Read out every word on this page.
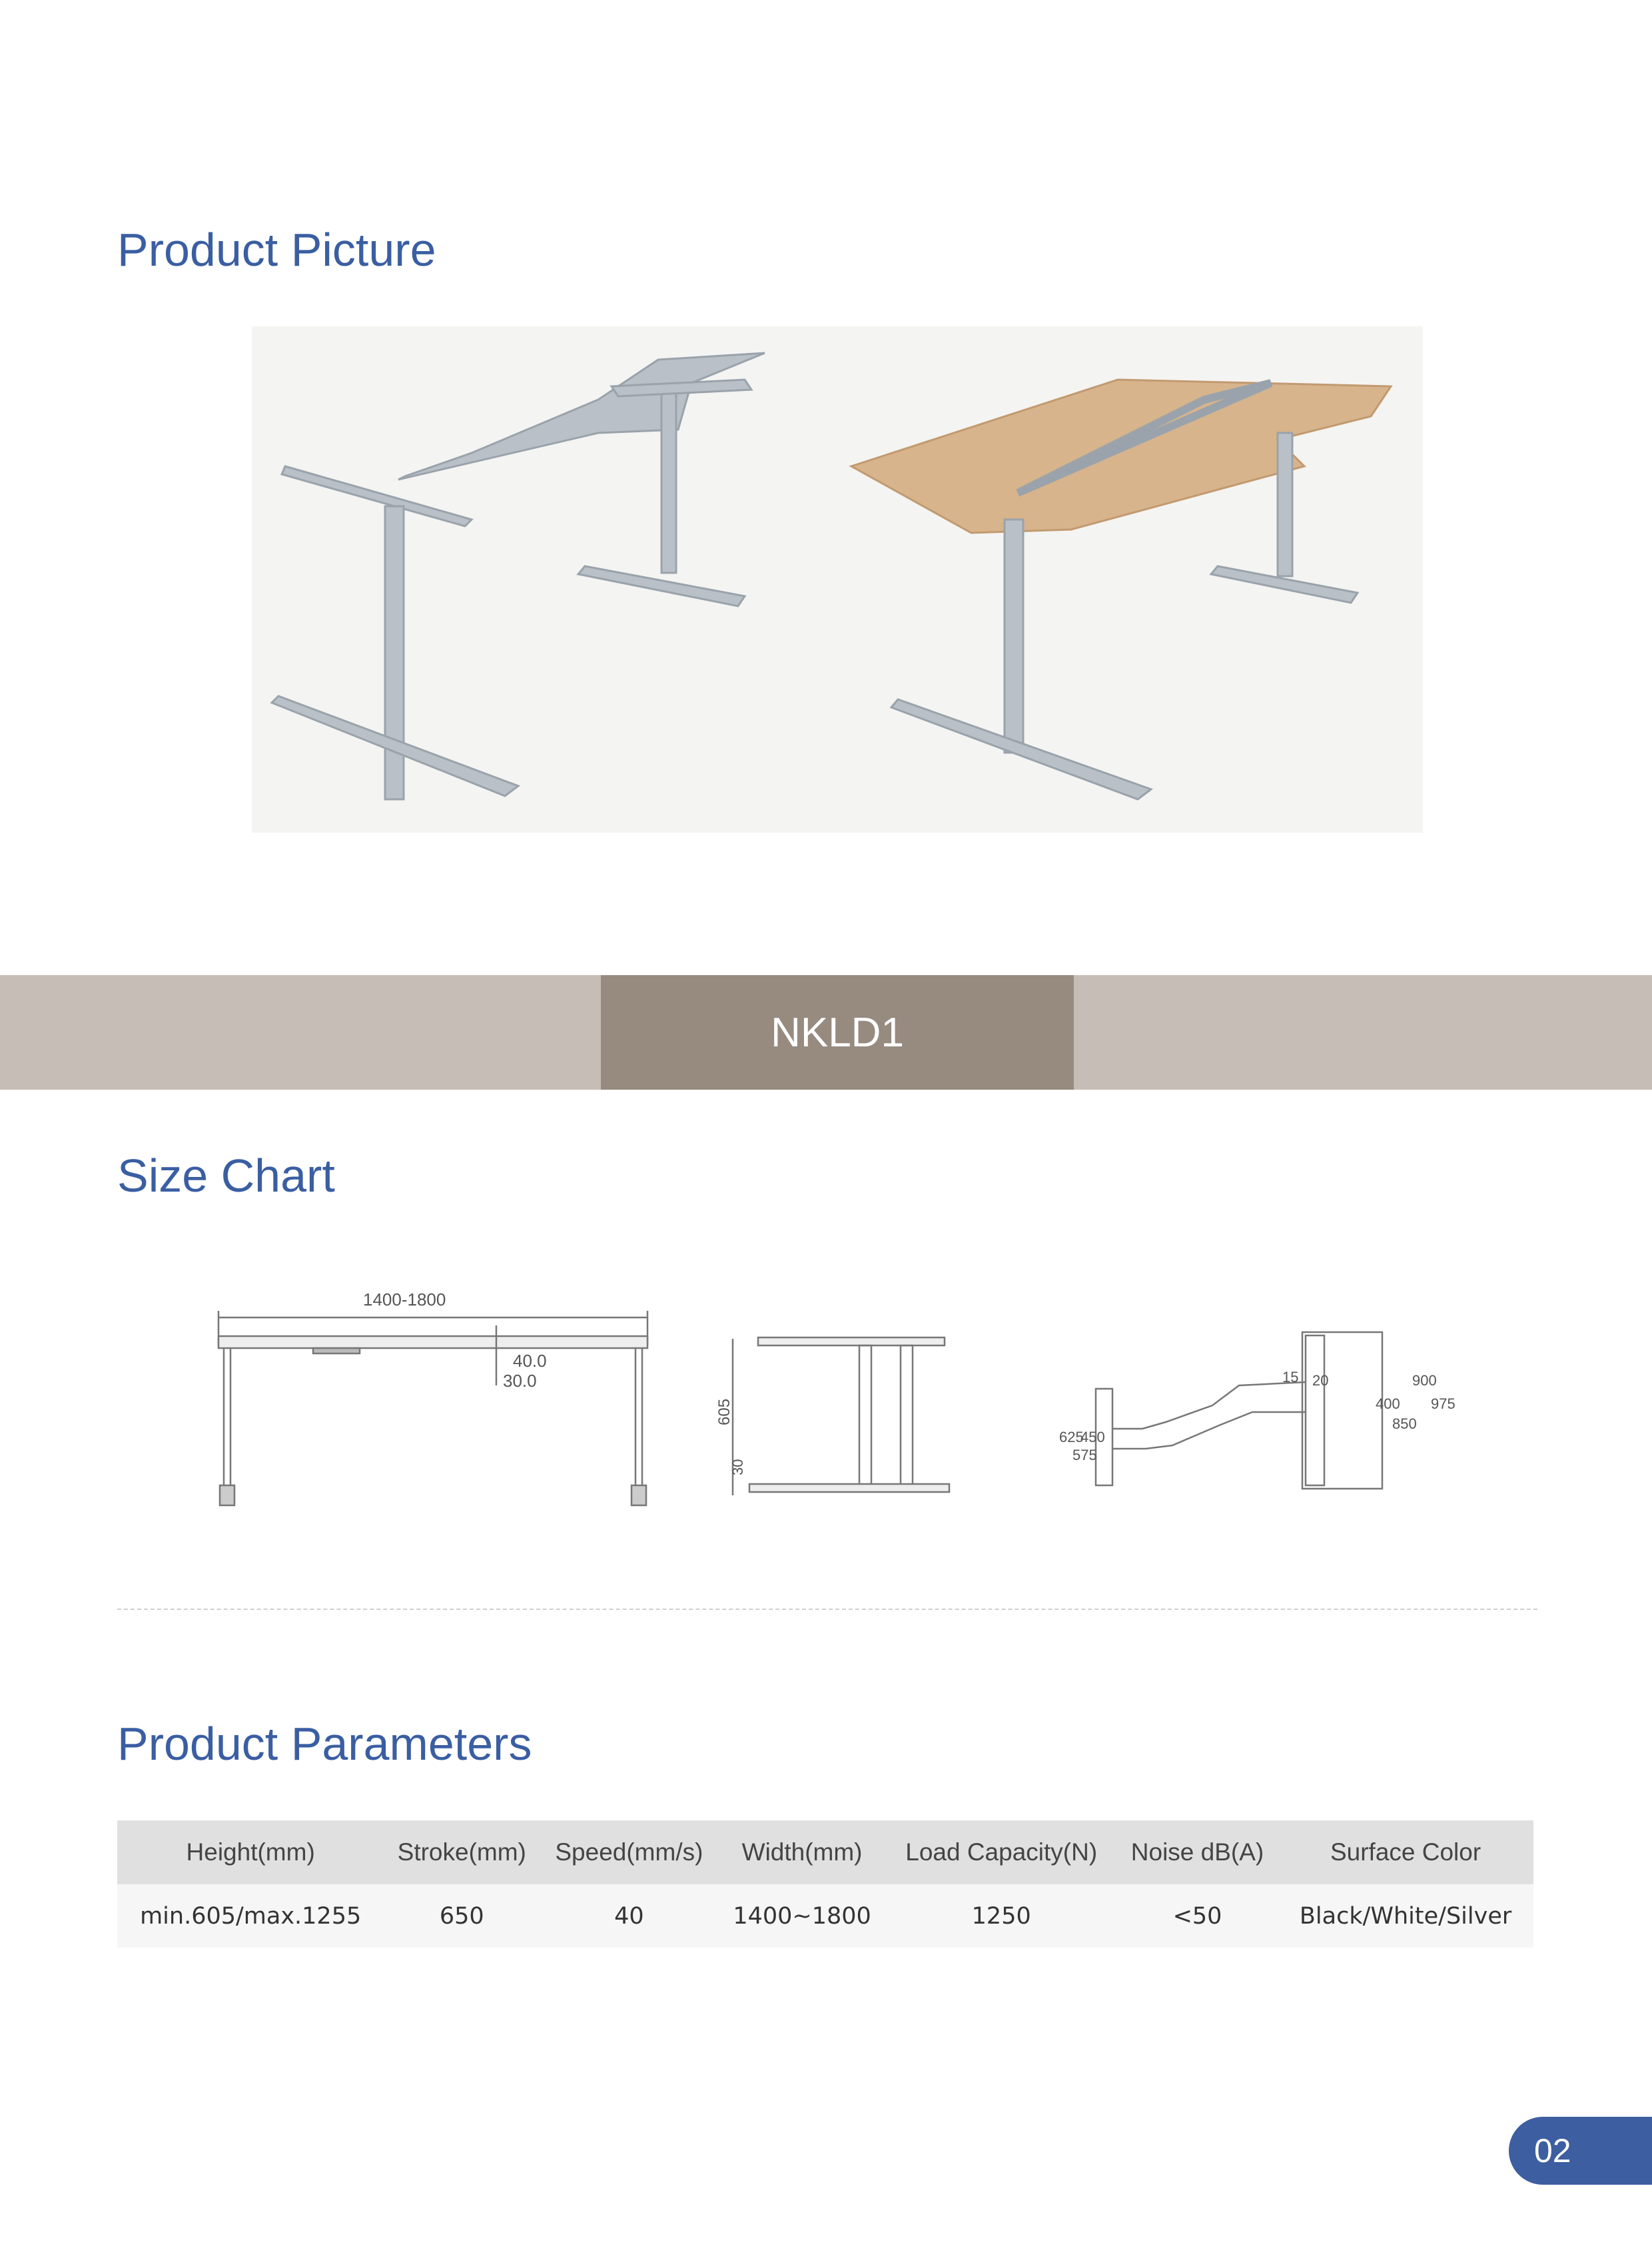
Product Picture
NKLD1
Size Chart
1400-1800
40.0
30.0
605
30
625
450
575
15 20	900
400 975
850
Product Parameters
Height(mm)	Stroke(mm)	Speed(mm/s)	Width(mm)	Load Capacity(N)	Noise dB(A)	Surface Color
min.605/max.1255	650	40	1400~1800	1250	<50	Black/White/Silver
02
